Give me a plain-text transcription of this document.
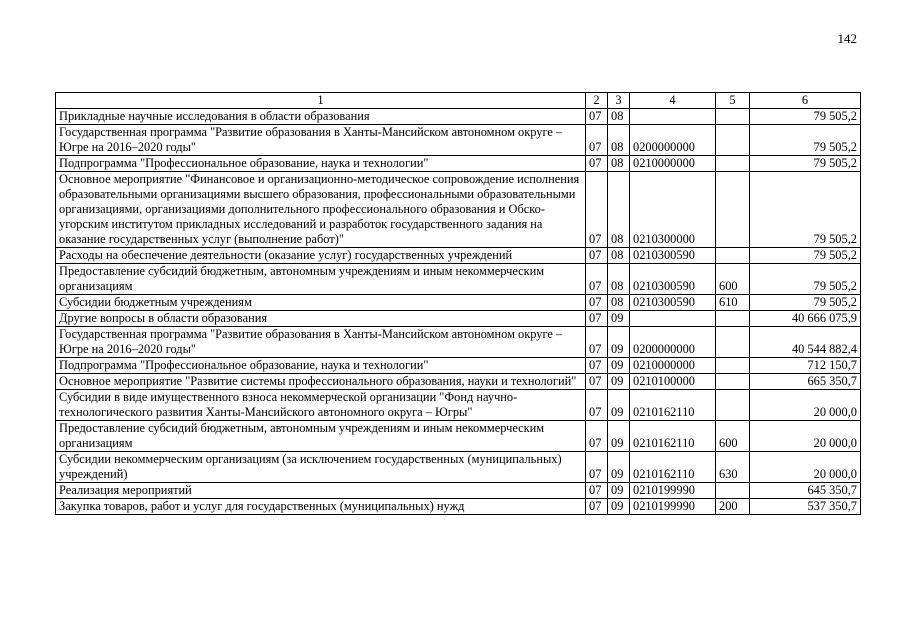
142
1	2	3	4	5	6
Прикладные научные исследования в области образования	07	08			79 505,2
Государственная программа "Развитие образования в Ханты-Мансийском автономном округе – Югре на 2016–2020 годы"	07	08	0200000000		79 505,2
Подпрограмма "Профессиональное образование, наука и технологии"	07	08	0210000000		79 505,2
Основное мероприятие "Финансовое и организационно-методическое сопровождение исполнения образовательными организациями высшего образования, профессиональными образовательными организациями, организациями дополнительного профессионального образования и Обско-угорским институтом прикладных исследований и разработок государственного задания на оказание государственных услуг (выполнение работ)"	07	08	0210300000		79 505,2
Расходы на обеспечение деятельности (оказание услуг) государственных учреждений	07	08	0210300590		79 505,2
Предоставление субсидий бюджетным, автономным учреждениям и иным некоммерческим организациям	07	08	0210300590	600	79 505,2
Субсидии бюджетным учреждениям	07	08	0210300590	610	79 505,2
Другие вопросы в области образования	07	09			40 666 075,9
Государственная программа "Развитие образования в Ханты-Мансийском автономном округе – Югре на 2016–2020 годы"	07	09	0200000000		40 544 882,4
Подпрограмма "Профессиональное образование, наука и технологии"	07	09	0210000000		712 150,7
Основное мероприятие "Развитие системы профессионального образования, науки и технологий"	07	09	0210100000		665 350,7
Субсидии в виде имущественного взноса некоммерческой организации "Фонд научно-технологического развития Ханты-Мансийского автономного округа – Югры"	07	09	0210162110		20 000,0
Предоставление субсидий бюджетным, автономным учреждениям и иным некоммерческим организациям	07	09	0210162110	600	20 000,0
Субсидии некоммерческим организациям (за исключением государственных (муниципальных) учреждений)	07	09	0210162110	630	20 000,0
Реализация мероприятий	07	09	0210199990		645 350,7
Закупка товаров, работ и услуг для государственных (муниципальных) нужд	07	09	0210199990	200	537 350,7
